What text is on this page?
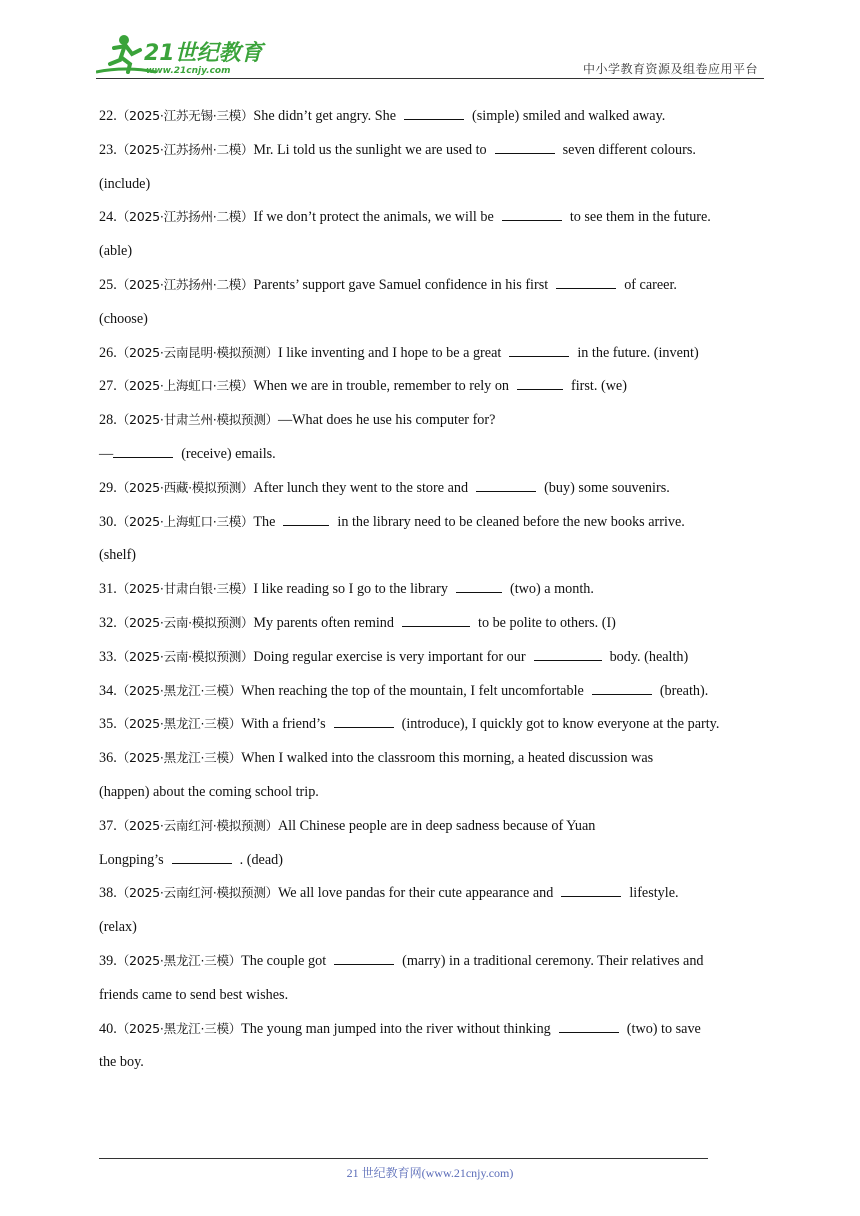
21世纪教育
www.21cnjy.com	中小学教育资源及组卷应用平台
22.（2025·江苏无锡·三模）She didn’t get angry. She	(simple) smiled and walked away.
23.（2025·江苏扬州·二模）Mr. Li told us the sunlight we are used to	seven different colours.
(include)
24.（2025·江苏扬州·二模）If we don’t protect the animals, we will be	to see them in the future.
(able)
25.（2025·江苏扬州·二模）Parents’ support gave Samuel confidence in his first	of career.
(choose)
26.（2025·云南昆明·模拟预测）I like inventing and I hope to be a great	in the future. (invent)
27.（2025·上海虹口·三模）When we are in trouble, remember to rely on	first. (we)
28.（2025·甘肃兰州·模拟预测）—What does he use his computer for?
—	(receive) emails.
29.（2025·西藏·模拟预测）After lunch they went to the store and	(buy) some souvenirs.
30.（2025·上海虹口·三模）The	in the library need to be cleaned before the new books arrive.
(shelf)
31.（2025·甘肃白银·三模）I like reading so I go to the library	(two) a month.
32.（2025·云南·模拟预测）My parents often remind	to be polite to others. (I)
33.（2025·云南·模拟预测）Doing regular exercise is very important for our	body. (health)
34.（2025·黑龙江·三模）When reaching the top of the mountain, I felt uncomfortable	(breath).
35.（2025·黑龙江·三模）With a friend’s	(introduce), I quickly got to know everyone at the party.
36.（2025·黑龙江·三模）When I walked into the classroom this morning, a heated discussion was
(happen) about the coming school trip.
37.（2025·云南红河·模拟预测）All Chinese people are in deep sadness because of Yuan
Longping’s	. (dead)
38.（2025·云南红河·模拟预测）We all love pandas for their cute appearance and	lifestyle.
(relax)
39.（2025·黑龙江·三模）The couple got	(marry) in a traditional ceremony. Their relatives and
friends came to send best wishes.
40.（2025·黑龙江·三模）The young man jumped into the river without thinking	(two) to save
the boy.
21 世纪教育网(www.21cnjy.com)
